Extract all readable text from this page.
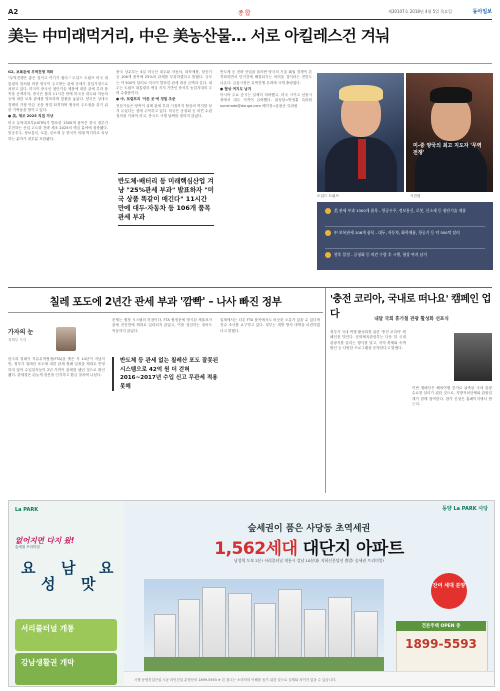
A2	종합	제30107호 2018년 4월 5일 목요일	동아일보
美는 中미래먹거리, 中은 美농산물… 서로 아킬레스건 겨눠

G2, 보복관세 무역전쟁 격화

"무역전쟁은 좋은 것이고 이기기 쉽다." 도널드 트럼프 미국 대통령의 말처럼 미중 양국이 주고받는 관세 공세가 점입가경으로 치닫고 있다. 미국이 중국산 첨단기술 제품에 대한 관세 부과 품목을 공개하자, 중국은 불과 11시간 만에 미국산 대두와 자동차 등에 대한 보복 관세를 발표하며 맞불을 놓았다. 양국은 상대국 경제의 가장 아픈 곳을 정밀 타격하며 협상의 주도권을 쥐기 위한 기싸움을 벌이고 있다.

● 美, 제조 2025 직접 겨냥

미국 무역대표부(USTR)가 발표한 1300개 품목은 중국 정부가 추진하는 산업 고도화 전략 제조 2025의 핵심 분야에 집중됐다. 항공우주, 정보통신, 로봇, 신소재 등 중국이 미래 먹거리로 육성하는 분야가 대부분 포함됐다.

중국 상무부는 4일 미국산 대두와 자동차, 화학제품, 항공기 등 106개 품목에 25%의 관세를 부과하겠다고 밝혔다. 규모는 약 500억 달러로 미국이 발표한 관세 대상 금액과 같다. 대두는 트럼프 대통령의 핵심 지지 기반인 중서부 농업지대의 주력 수출품이다.

● 中, 트럼프의 '아픈 곳'에 정밀 조준

전문가들은 양측이 실제 관세 부과 시점까지 협상의 여지를 남겨 두었다는 점에 주목하고 있다. 미국은 공청회 등 의견 수렴 절차를 거쳐야 하고, 중국도 시행 날짜를 정하지 않았다.

반도체·배터리 등 미래핵심산업 겨냥 "25%관세 부과" 발표하자 "미국 상품 똑같이 매긴다" 11시간 만에 대두·자동차 등 106개 품목 관세 부과

반도체 등 전략 산업을 둘러싼 양국의 기술 패권 경쟁이 본격화하면서 단기간에 해결되기는 어려울 것이라는 전망도 나온다. 금융시장은 무역전쟁 우려에 크게 출렁였다.

● 협상 여지도 남겨

아시아 주요 증시는 일제히 하락했고, 미국 시카고 선물시장에서 대두 가격이 급락했다. 워싱턴=박정훈 특파원 sunshade@donga.com 베이징=윤완준 특파원

미-중 양국의 최고 지도자 '무역 전쟁'
도널드 트럼프	시진핑
美 관세 부과 1300개 품목 - 항공우주, 정보통신, 로봇, 신소재 등 첨단기술 제품
中 보복관세 106개 품목 - 대두, 자동차, 화학제품, 항공기 등 약 500억 달러
향후 일정 - 공청회 등 의견 수렴 후 시행, 협상 여지 남겨
칠레 포도에 2년간 관세 부과 '깜빡' – 나사 빠진 정부
가자의 눈
경제부 기자

한국과 칠레가 자유무역협정(FTA)을 맺은 지 14년이 지났지만, 정부가 칠레산 포도에 대한 관세 철폐 일정을 제대로 반영하지 않아 수입업자들이 2년 가까이 관세를 냈던 것으로 확인됐다. 관세청은 뒤늦게 잘못을 인지하고 환급 절차에 나섰다.

문제는 행정 시스템의 허점이다. FTA 협정문에 명시된 세율표가 관세 전산망에 제대로 입력되지 않았고, 이를 점검하는 절차도 작동하지 않았다.

반도체 등 관세 없는 칠레산 포도 잘못된 시스템으로 42억 원 더 걷혀 2016~2017년 수입 신고 무관세 적용 못해

업계에서는 다른 FTA 품목에서도 비슷한 오류가 있을 수 있다며 전수 조사를 요구하고 있다. 정부는 재발 방지 대책을 마련하겠다고 밝혔다.

'충전 코리아, 국내로 떠나요' 캠페인 업다	내달 국회 휴가철 관광 활성화 선포식

정부가 국내 여행 활성화를 위한 '충전 코리아' 캠페인을 벌인다. 문화체육관광부는 다음 달 국내 관광지를 알리는 행사를 열고, 지역 축제와 숙박 할인 등 다양한 프로그램을 운영한다고 밝혔다.

이번 캠페인은 해외여행 증가로 위축된 국내 관광 수요를 살리기 위한 것으로, 지방자치단체와 관광업계가 함께 참여한다. 참가 신청은 홈페이지에서 받는다.

La PARK
없어지면 다지 왔!
숲세권 프리미엄
요
성
남
맛
요
서리풀터널 개통
강남생활권 개막
동양 La PARK 사당
숲세권이 품은 사당동 초역세권
1,562세대 대단지 아파트
남성역 도보 2분! 서리풀터널 개통시 강남 10분대! 지하신분당선 출발! 숲세권 프리미엄!
잔여 세대 분양
견본주택 OPEN 중
1899-5593
시행 동양건설산업 시공 라인건설 분양문의 1899-5593 ※ 본 광고는 소비자의 이해를 돕기 위한 것으로 실제와 차이가 있을 수 있습니다.
